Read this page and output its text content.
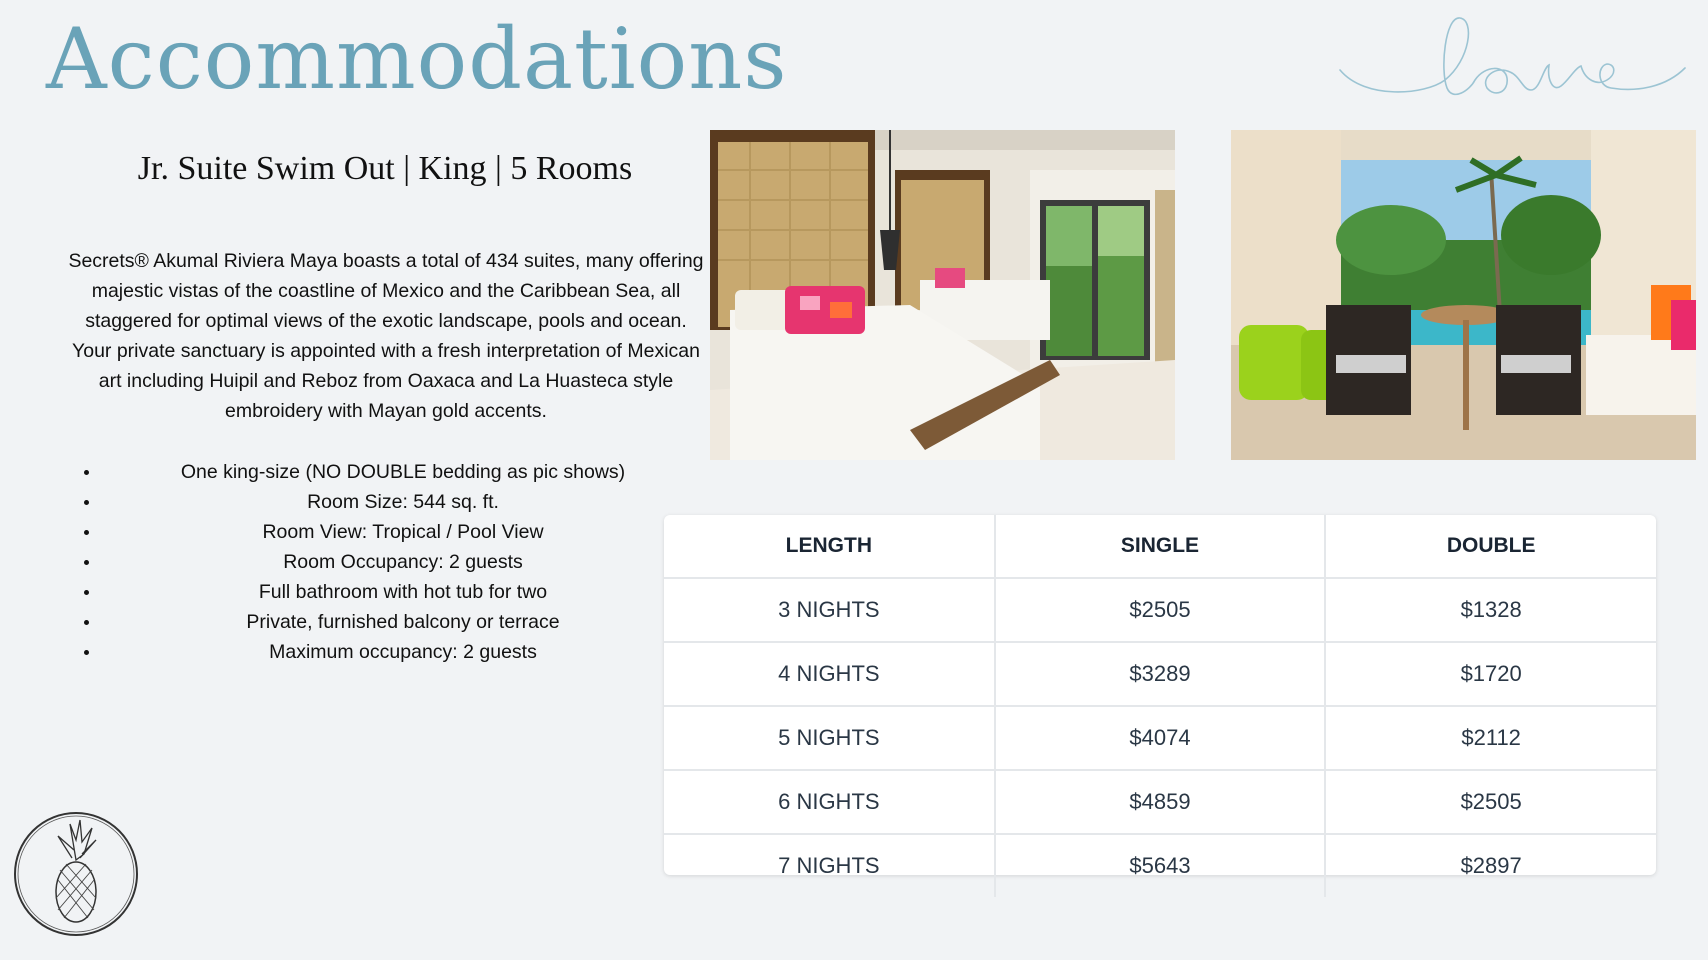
Accommodations
Jr. Suite Swim Out | King | 5 Rooms
Secrets® Akumal Riviera Maya boasts a total of 434 suites, many offering majestic vistas of the coastline of Mexico and the Caribbean Sea, all staggered for optimal views of the exotic landscape, pools and ocean. Your private sanctuary is appointed with a fresh interpretation of Mexican art including Huipil and Reboz from Oaxaca and La Huasteca style embroidery with Mayan gold accents.
One king-size (NO DOUBLE bedding as pic shows)
Room Size: 544 sq. ft.
Room View: Tropical / Pool View
Room Occupancy: 2 guests
Full bathroom with hot tub for two
Private, furnished balcony or terrace
Maximum occupancy: 2 guests
LENGTH	SINGLE	DOUBLE
3 NIGHTS	$2505	$1328
4 NIGHTS	$3289	$1720
5 NIGHTS	$4074	$2112
6 NIGHTS	$4859	$2505
7 NIGHTS	$5643	$2897
